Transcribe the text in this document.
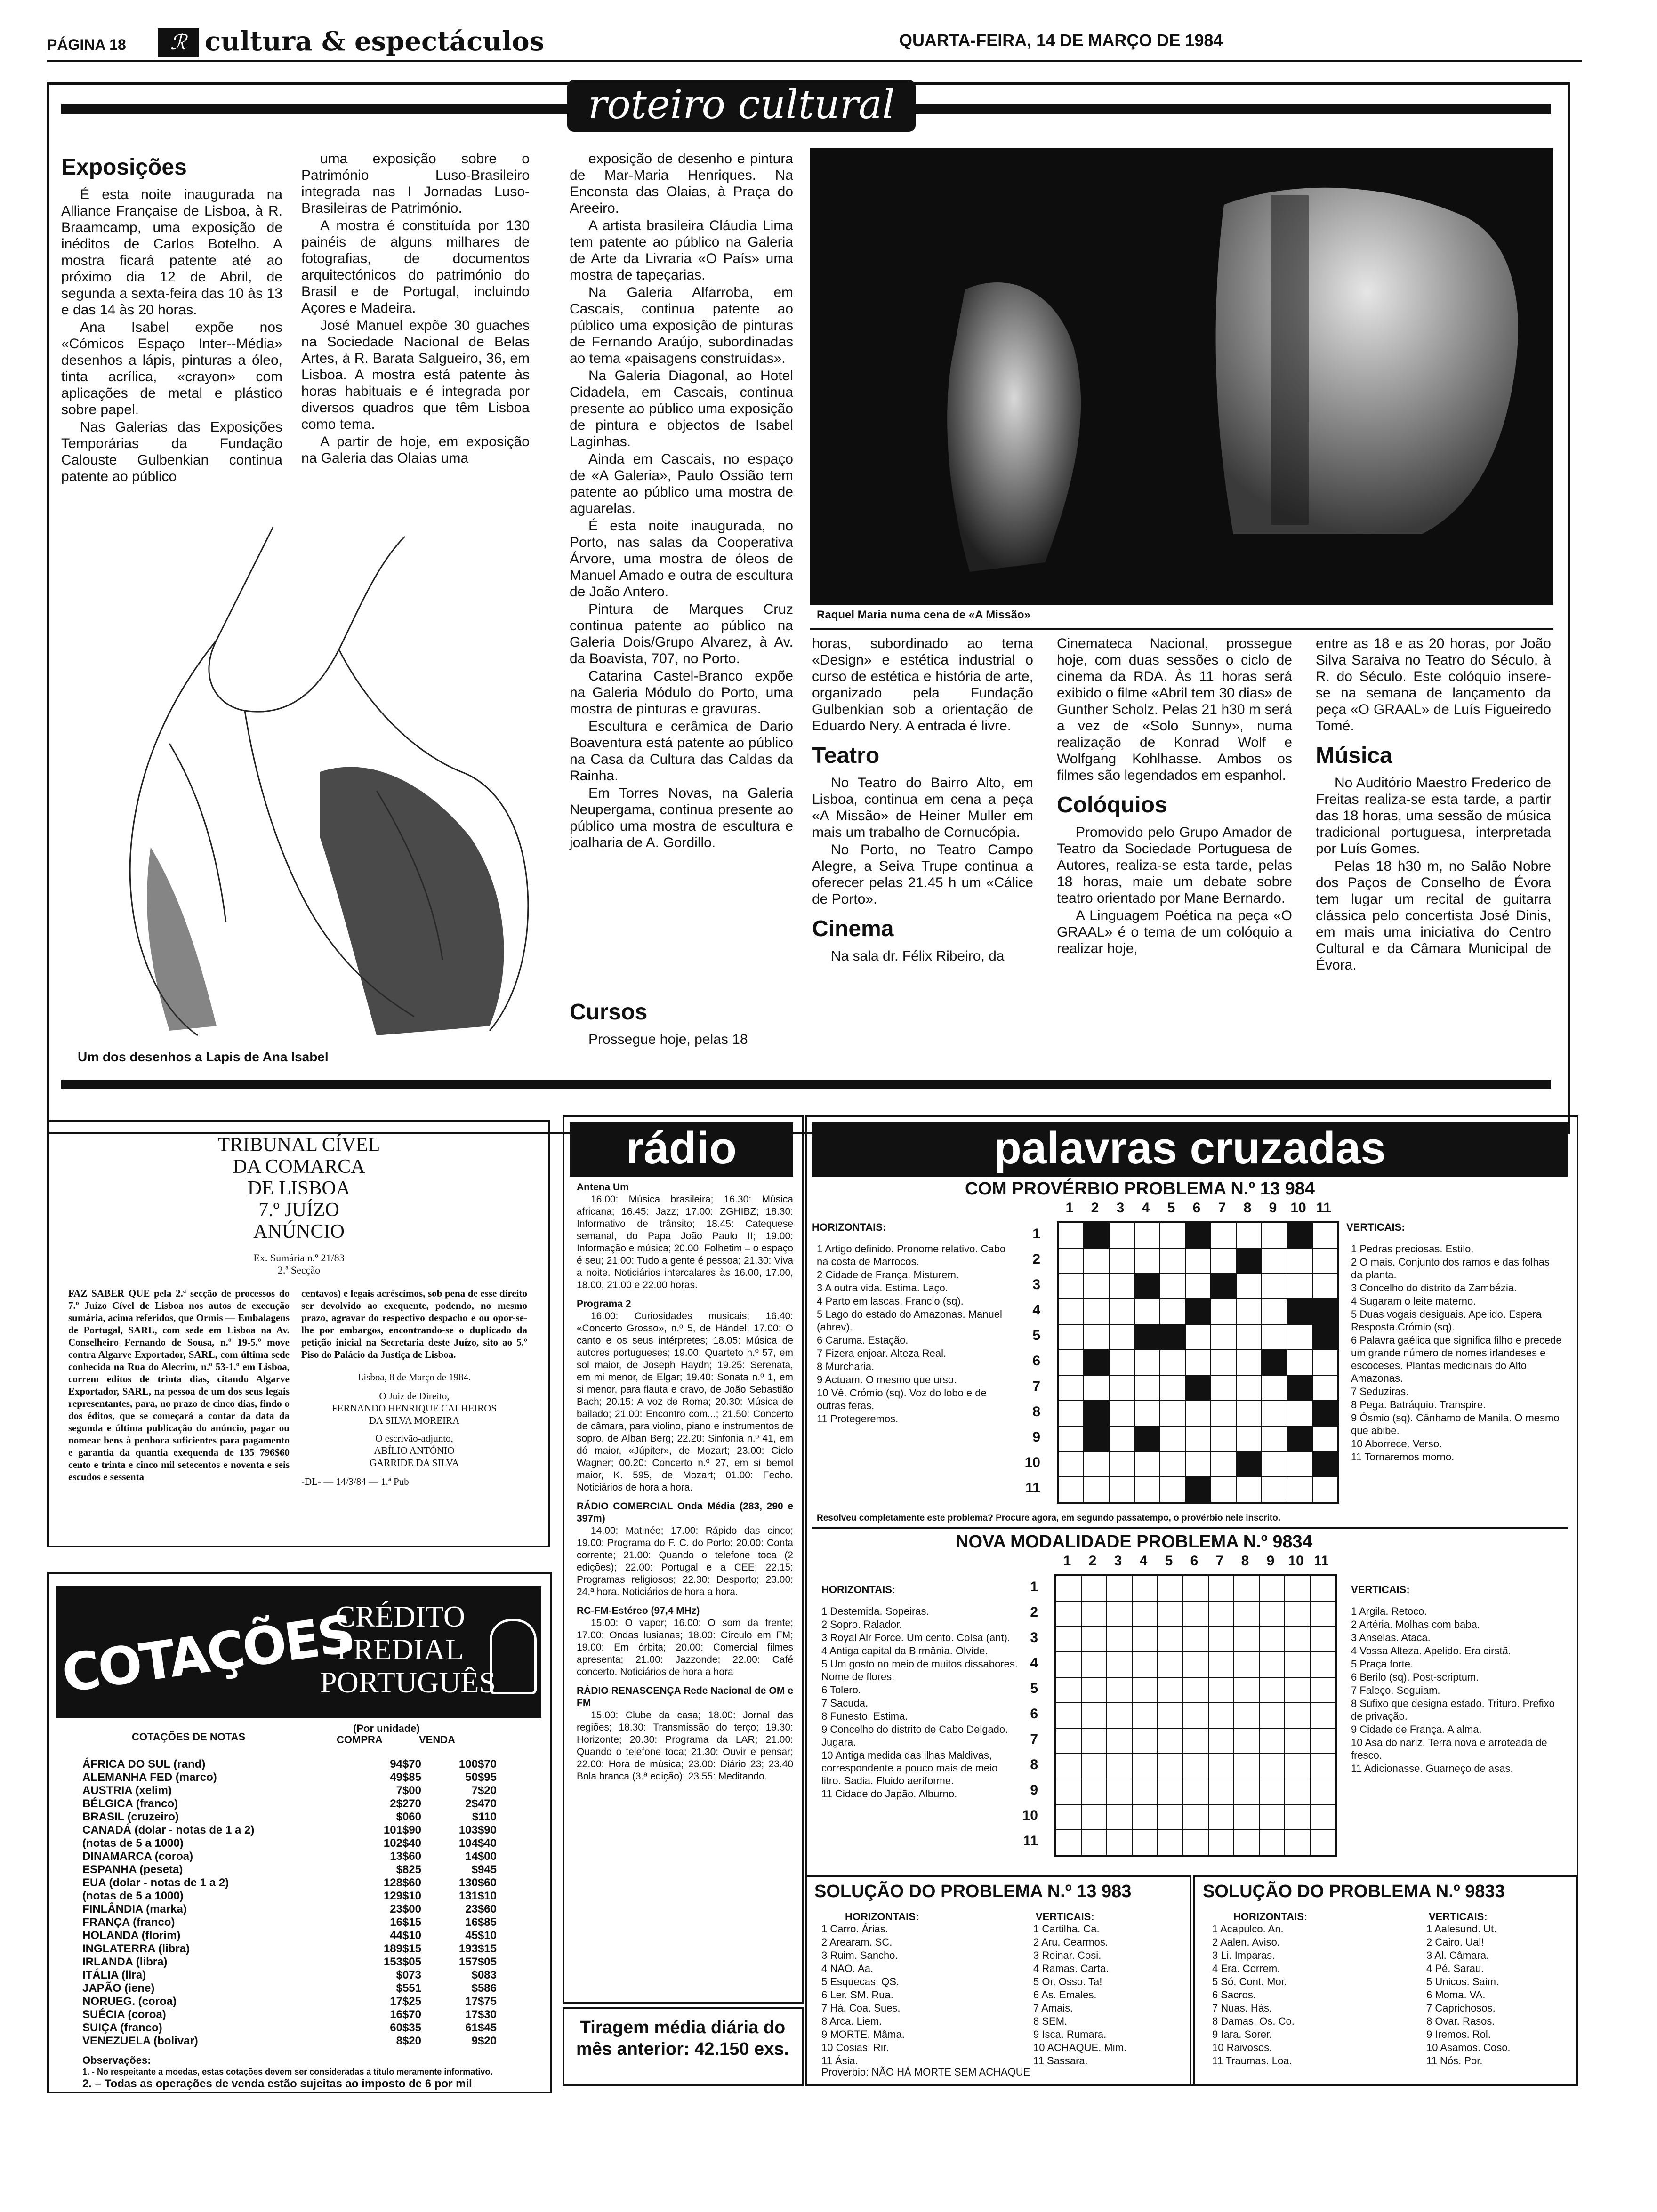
PÁGINA 18	ℛ cultura & espectáculos	QUARTA-FEIRA, 14 DE MARÇO DE 1984
roteiro cultural
Exposições

É esta noite inaugurada na Alliance Française de Lisboa, à R. Braamcamp, uma exposição de inéditos de Carlos Botelho. A mostra ficará patente até ao próximo dia 12 de Abril, de segunda a sexta-feira das 10 às 13 e das 14 às 20 horas.

Ana Isabel expõe nos «Cómicos Espaço Inter--Média» desenhos a lápis, pinturas a óleo, tinta acrílica, «crayon» com aplicações de metal e plástico sobre papel.

Nas Galerias das Exposições Temporárias da Fundação Calouste Gulbenkian continua patente ao público

uma exposição sobre o Património Luso-Brasileiro integrada nas I Jornadas Luso-Brasileiras de Património.

A mostra é constituída por 130 painéis de alguns milhares de fotografias, de documentos arquitectónicos do património do Brasil e de Portugal, incluindo Açores e Madeira.

José Manuel expõe 30 guaches na Sociedade Nacional de Belas Artes, à R. Barata Salgueiro, 36, em Lisboa. A mostra está patente às horas habituais e é integrada por diversos quadros que têm Lisboa como tema.

A partir de hoje, em exposição na Galeria das Olaias uma

exposição de desenho e pintura de Mar-Maria Henriques. Na Enconsta das Olaias, à Praça do Areeiro.

A artista brasileira Cláudia Lima tem patente ao público na Galeria de Arte da Livraria «O País» uma mostra de tapeçarias.

Na Galeria Alfarroba, em Cascais, continua patente ao público uma exposição de pinturas de Fernando Araújo, subordinadas ao tema «paisagens construídas».

Na Galeria Diagonal, ao Hotel Cidadela, em Cascais, continua presente ao público uma exposição de pintura e objectos de Isabel Laginhas.

Ainda em Cascais, no espaço de «A Galeria», Paulo Ossião tem patente ao público uma mostra de aguarelas.

É esta noite inaugurada, no Porto, nas salas da Cooperativa Árvore, uma mostra de óleos de Manuel Amado e outra de escultura de João Antero.

Pintura de Marques Cruz continua patente ao público na Galeria Dois/Grupo Alvarez, à Av. da Boavista, 707, no Porto.

Catarina Castel-Branco expõe na Galeria Módulo do Porto, uma mostra de pinturas e gravuras.

Escultura e cerâmica de Dario Boaventura está patente ao público na Casa da Cultura das Caldas da Rainha.

Em Torres Novas, na Galeria Neupergama, continua presente ao público uma mostra de escultura e joalharia de A. Gordillo.

Um dos desenhos a Lapis de Ana Isabel
Raquel Maria numa cena de «A Missão»
Cursos

Prossegue hoje, pelas 18

horas, subordinado ao tema «Design» e estética industrial o curso de estética e história de arte, organizado pela Fundação Gulbenkian sob a orientação de Eduardo Nery. A entrada é livre.

Teatro

No Teatro do Bairro Alto, em Lisboa, continua em cena a peça «A Missão» de Heiner Muller em mais um trabalho de Cornucópia.

No Porto, no Teatro Campo Alegre, a Seiva Trupe continua a oferecer pelas 21.45 h um «Cálice de Porto».

Cinema

Na sala dr. Félix Ribeiro, da

Cinemateca Nacional, prossegue hoje, com duas sessões o ciclo de cinema da RDA. Às 11 horas será exibido o filme «Abril tem 30 dias» de Gunther Scholz. Pelas 21 h30 m será a vez de «Solo Sunny», numa realização de Konrad Wolf e Wolfgang Kohlhasse. Ambos os filmes são legendados em espanhol.

Colóquios

Promovido pelo Grupo Amador de Teatro da Sociedade Portuguesa de Autores, realiza-se esta tarde, pelas 18 horas, maie um debate sobre teatro orientado por Mane Bernardo.

A Linguagem Poética na peça «O GRAAL» é o tema de um colóquio a realizar hoje,

entre as 18 e as 20 horas, por João Silva Saraiva no Teatro do Século, à R. do Século. Este colóquio insere-se na semana de lançamento da peça «O GRAAL» de Luís Figueiredo Tomé.

Música

No Auditório Maestro Frederico de Freitas realiza-se esta tarde, a partir das 18 horas, uma sessão de música tradicional portuguesa, interpretada por Luís Gomes.

Pelas 18 h30 m, no Salão Nobre dos Paços de Conselho de Évora tem lugar um recital de guitarra clássica pelo concertista José Dinis, em mais uma iniciativa do Centro Cultural e da Câmara Municipal de Évora.

TRIBUNAL CÍVEL
DA COMARCA
DE LISBOA
7.º JUÍZO
ANÚNCIO
Ex. Sumária n.º 21/83
2.ª Secção
FAZ SABER QUE pela 2.ª secção de processos do 7.º Juízo Cível de Lisboa nos autos de execução sumária, acima referidos, que Ormis — Embalagens de Portugal, SARL, com sede em Lisboa na Av. Conselheiro Fernando de Sousa, n.º 19-5.º move contra Algarve Exportador, SARL, com última sede conhecida na Rua do Alecrim, n.º 53-1.º em Lisboa, correm editos de trinta dias, citando Algarve Exportador, SARL, na pessoa de um dos seus legais representantes, para, no prazo de cinco dias, findo o dos éditos, que se começará a contar da data da segunda e última publicação do anúncio, pagar ou nomear bens à penhora suficientes para pagamento e garantia da quantia exequenda de 135 796$60 cento e trinta e cinco mil setecentos e noventa e seis escudos e sessenta
centavos) e legais acréscimos, sob pena de esse direito ser devolvido ao exequente, podendo, no mesmo prazo, agravar do respectivo despacho e ou opor-se-lhe por embargos, encontrando-se o duplicado da petição inicial na Secretaria deste Juízo, sito ao 5.º Piso do Palácio da Justiça de Lisboa.
Lisboa, 8 de Março de 1984.
O Juiz de Direito,
FERNANDO HENRIQUE CALHEIROS
DA SILVA MOREIRA
O escrivão-adjunto,
ABÍLIO ANTÓNIO
GARRIDE DA SILVA
-DL- — 14/3/84 — 1.ª Pub
COTAÇÕES
CRÉDITO
PREDIAL
PORTUGUÊS
COTAÇÕES DE NOTAS
(Por unidade)
COMPRA	VENDA
ÁFRICA DO SUL (rand)	94$70	100$70
ALEMANHA FED (marco)	49$85	50$95
AUSTRIA (xelim)	7$00	7$20
BÉLGICA (franco)	2$270	2$470
BRASIL (cruzeiro)	$060	$110
CANADÁ (dolar - notas de 1 a 2)	101$90	103$90
(notas de 5 a 1000)	102$40	104$40
DINAMARCA (coroa)	13$60	14$00
ESPANHA (peseta)	$825	$945
EUA (dolar - notas de 1 a 2)	128$60	130$60
(notas de 5 a 1000)	129$10	131$10
FINLÂNDIA (marka)	23$00	23$60
FRANÇA (franco)	16$15	16$85
HOLANDA (florim)	44$10	45$10
INGLATERRA (libra)	189$15	193$15
IRLANDA (libra)	153$05	157$05
ITÁLIA (lira)	$073	$083
JAPÃO (iene)	$551	$586
NORUEG. (coroa)	17$25	17$75
SUÉCIA (coroa)	16$70	17$30
SUIÇA (franco)	60$35	61$45
VENEZUELA (bolivar)	8$20	9$20
Observações:
1. - No respeitante a moedas, estas cotações devem ser consideradas a título meramente informativo.
2. – Todas as operações de venda estão sujeitas ao imposto de 6 por mil
rádio
Antena Um
16.00: Música brasileira; 16.30: Música africana; 16.45: Jazz; 17.00: ZGHIBZ; 18.30: Informativo de trânsito; 18.45: Catequese semanal, do Papa João Paulo II; 19.00: Informação e música; 20.00: Folhetim – o espaço é seu; 21.00: Tudo a gente é pessoa; 21.30: Viva a noite. Noticiários intercalares às 16.00, 17.00, 18.00, 21.00 e 22.00 horas.
Programa 2
16.00: Curiosidades musicais; 16.40: «Concerto Grosso», n.º 5, de Händel; 17.00: O canto e os seus intérpretes; 18.05: Música de autores portugueses; 19.00: Quarteto n.º 57, em sol maior, de Joseph Haydn; 19.25: Serenata, em mi menor, de Elgar; 19.40: Sonata n.º 1, em si menor, para flauta e cravo, de João Sebastião Bach; 20.15: A voz de Roma; 20.30: Música de bailado; 21.00: Encontro com...; 21.50: Concerto de câmara, para violino, piano e instrumentos de sopro, de Alban Berg; 22.20: Sinfonia n.º 41, em dó maior, «Júpiter», de Mozart; 23.00: Ciclo Wagner; 00.20: Concerto n.º 27, em si bemol maior, K. 595, de Mozart; 01.00: Fecho. Noticiários de hora a hora.
RÁDIO COMERCIAL Onda Média (283, 290 e 397m)
14.00: Matinée; 17.00: Rápido das cinco; 19.00: Programa do F. C. do Porto; 20.00: Conta corrente; 21.00: Quando o telefone toca (2 edições); 22.00: Portugal e a CEE; 22.15: Programas religiosos; 22.30: Desporto; 23.00: 24.ª hora. Noticiários de hora a hora.
RC-FM-Estéreo (97,4 MHz)
15.00: O vapor; 16.00: O som da frente; 17.00: Ondas lusianas; 18.00: Círculo em FM; 19.00: Em órbita; 20.00: Comercial filmes apresenta; 21.00: Jazzonde; 22.00: Café concerto. Noticiários de hora a hora
RÁDIO RENASCENÇA Rede Nacional de OM e FM
15.00: Clube da casa; 18.00: Jornal das regiões; 18.30: Transmissão do terço; 19.30: Horizonte; 20.30: Programa da LAR; 21.00: Quando o telefone toca; 21.30: Ouvir e pensar; 22.00: Hora de música; 23.00: Diário 23; 23.40 Bola branca (3.ª edição); 23.55: Meditando.
Tiragem média diária do mês anterior: 42.150 exs.
palavras cruzadas
COM PROVÉRBIO PROBLEMA N.º 13 984
1	2	3	4	5	6	7	8	9 10 11
1
2
3
4
5
6
7
8
9
10
11
HORIZONTAIS:
1 Artigo definido. Pronome relativo. Cabo na costa de Marrocos.
2 Cidade de França. Misturem.
3 A outra vida. Estima. Laço.
4 Parto em lascas. Francio (sq).
5 Lago do estado do Amazonas. Manuel (abrev).
6 Caruma. Estação.
7 Fizera enjoar. Alteza Real.
8 Murcharia.
9 Actuam. O mesmo que urso.
10 Vê. Crómio (sq). Voz do lobo e de outras feras.
11 Protegeremos.
VERTICAIS:
1 Pedras preciosas. Estilo.
2 O mais. Conjunto dos ramos e das folhas da planta.
3 Concelho do distrito da Zambézia.
4 Sugaram o leite materno.
5 Duas vogais desiguais. Apelido. Espera Resposta.Crómio (sq).
6 Palavra gaélica que significa filho e precede um grande número de nomes irlandeses e escoceses. Plantas medicinais do Alto Amazonas.
7 Seduziras.
8 Pega. Batráquio. Transpire.
9 Ósmio (sq). Cânhamo de Manila. O mesmo que abibe.
10 Aborrece. Verso.
11 Tornaremos morno.
Resolveu completamente este problema? Procure agora, em segundo passatempo, o provérbio nele inscrito.
NOVA MODALIDADE PROBLEMA N.º 9834
1	2	3	4	5	6	7	8	9 10 11
1
2
3
4
5
6
7
8
9
10
11
HORIZONTAIS:
1 Destemida. Sopeiras.
2 Sopro. Ralador.
3 Royal Air Force. Um cento. Coisa (ant).
4 Antiga capital da Birmânia. Olvide.
5 Um gosto no meio de muitos dissabores. Nome de flores.
6 Tolero.
7 Sacuda.
8 Funesto. Estima.
9 Concelho do distrito de Cabo Delgado. Jugara.
10 Antiga medida das ilhas Maldivas, correspondente a pouco mais de meio litro. Sadia. Fluido aeriforme.
11 Cidade do Japão. Alburno.
VERTICAIS:
1 Argila. Retoco.
2 Artéria. Molhas com baba.
3 Anseias. Ataca.
4 Vossa Alteza. Apelido. Era cirstã.
5 Praça forte.
6 Berilo (sq). Post-scriptum.
7 Faleço. Seguiam.
8 Sufixo que designa estado. Trituro. Prefixo de privação.
9 Cidade de França. A alma.
10 Asa do nariz. Terra nova e arroteada de fresco.
11 Adicionasse. Guarneço de asas.
SOLUÇÃO DO PROBLEMA N.º 13 983
HORIZONTAIS:
1 Carro. Árias.
2 Arearam. SC.
3 Ruim. Sancho.
4 NAO. Aa.
5 Esquecas. QS.
6 Ler. SM. Rua.
7 Há. Coa. Sues.
8 Arca. Liem.
9 MORTE. Mâma.
10 Cosias. Rir.
11 Ásia.
VERTICAIS:
1 Cartilha. Ca.
2 Aru. Cearmos.
3 Reinar. Cosi.
4 Ramas. Carta.
5 Or. Osso. Ta!
6 As. Emales.
7 Amais.
8 SEM.
9 Isca. Rumara.
10 ACHAQUE. Mim.
11 Sassara.
Proverbio: NÃO HÁ MORTE SEM ACHAQUE
SOLUÇÃO DO PROBLEMA N.º 9833
HORIZONTAIS:
1 Acapulco. An.
2 Aalen. Aviso.
3 Li. Imparas.
4 Era. Correm.
5 Só. Cont. Mor.
6 Sacros.
7 Nuas. Hás.
8 Damas. Os. Co.
9 Iara. Sorer.
10 Raivosos.
11 Traumas. Loa.
VERTICAIS:
1 Aalesund. Ut.
2 Cairo. Ual!
3 Al. Câmara.
4 Pé. Sarau.
5 Unicos. Saim.
6 Moma. VA.
7 Caprichosos.
8 Ovar. Rasos.
9 Iremos. Rol.
10 Asamos. Coso.
11 Nós. Por.
